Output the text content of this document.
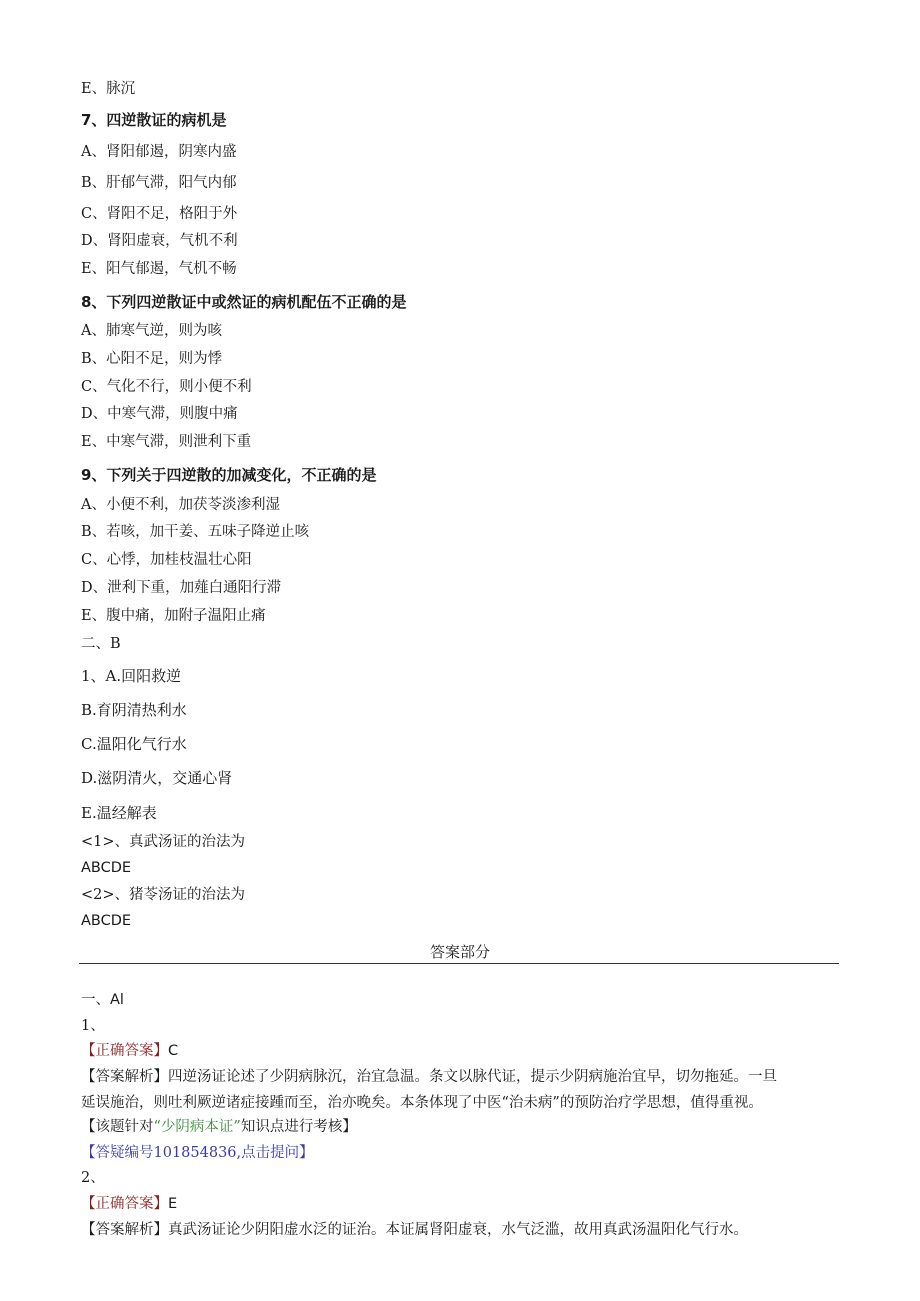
E、脉沉
7、四逆散证的病机是
A、肾阳郁遏，阴寒内盛
B、肝郁气滞，阳气内郁
C、肾阳不足，格阳于外
D、肾阳虚衰，气机不利
E、阳气郁遏，气机不畅
8、下列四逆散证中或然证的病机配伍不正确的是
A、肺寒气逆，则为咳
B、心阳不足，则为悸
C、气化不行，则小便不利
D、中寒气滞，则腹中痛
E、中寒气滞，则泄利下重
9、下列关于四逆散的加减变化，不正确的是
A、小便不利，加茯苓淡渗利湿
B、若咳，加干姜、五味子降逆止咳
C、心悸，加桂枝温壮心阳
D、泄利下重，加薤白通阳行滞
E、腹中痛，加附子温阳止痛
二、B
1、A.回阳救逆
B.育阴清热利水
C.温阳化气行水
D.滋阴清火，交通心肾
E.温经解表
<1>、真武汤证的治法为
ABCDE
<2>、猪苓汤证的治法为
ABCDE
答案部分
一、Al
1、
【正确答案】C
【答案解析】四逆汤证论述了少阴病脉沉，治宜急温。条文以脉代证，提示少阴病施治宜早，切勿拖延。一旦
延误施治，则吐利厥逆诸症接踵而至，治亦晚矣。本条体现了中医“治未病”的预防治疗学思想，值得重视。
【该题针对“少阴病本证”知识点进行考核】
【答疑编号101854836,点击提问】
2、
【正确答案】E
【答案解析】真武汤证论少阴阳虚水泛的证治。本证属肾阳虚衰，水气泛滥，故用真武汤温阳化气行水。
